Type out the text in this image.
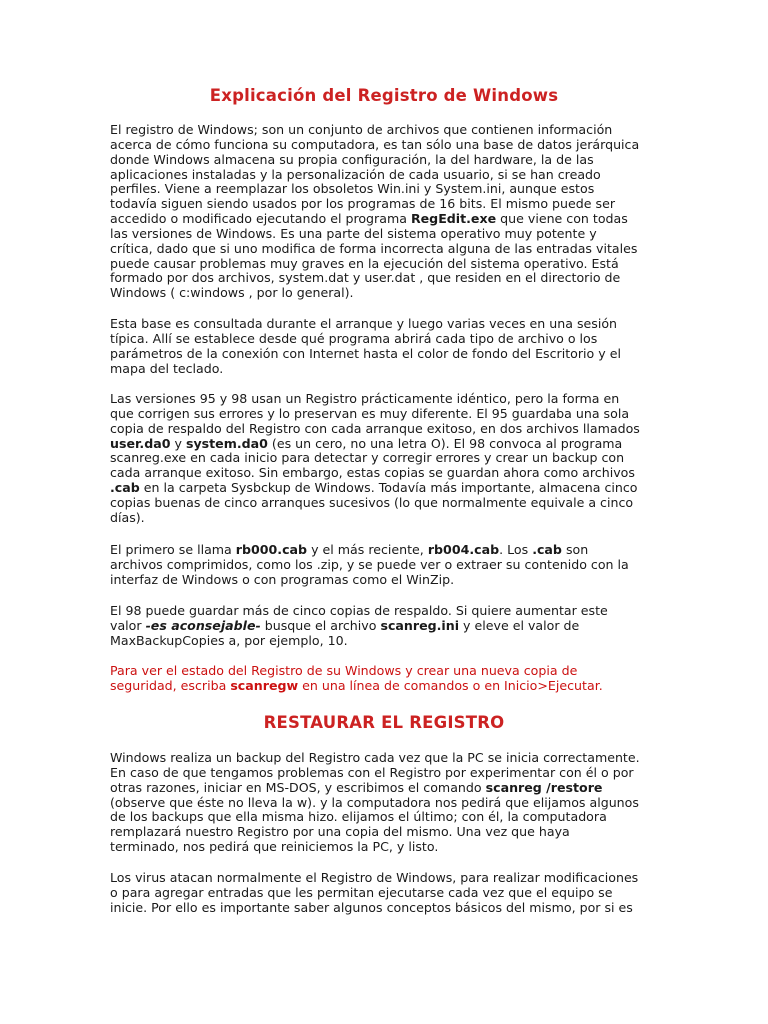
Explicación del Registro de Windows
El registro de Windows; son un conjunto de archivos que contienen información
acerca de cómo funciona su computadora, es tan sólo una base de datos jerárquica
donde Windows almacena su propia configuración, la del hardware, la de las
aplicaciones instaladas y la personalización de cada usuario, si se han creado
perfiles. Viene a reemplazar los obsoletos Win.ini y System.ini, aunque estos
todavía siguen siendo usados por los programas de 16 bits. El mismo puede ser
accedido o modificado ejecutando el programa RegEdit.exe que viene con todas
las versiones de Windows. Es una parte del sistema operativo muy potente y
crítica, dado que si uno modifica de forma incorrecta alguna de las entradas vitales
puede causar problemas muy graves en la ejecución del sistema operativo. Está
formado por dos archivos, system.dat y user.dat , que residen en el directorio de
Windows ( c:windows , por lo general).
Esta base es consultada durante el arranque y luego varias veces en una sesión
típica. Allí se establece desde qué programa abrirá cada tipo de archivo o los
parámetros de la conexión con Internet hasta el color de fondo del Escritorio y el
mapa del teclado.
Las versiones 95 y 98 usan un Registro prácticamente idéntico, pero la forma en
que corrigen sus errores y lo preservan es muy diferente. El 95 guardaba una sola
copia de respaldo del Registro con cada arranque exitoso, en dos archivos llamados
user.da0 y system.da0 (es un cero, no una letra O). El 98 convoca al programa
scanreg.exe en cada inicio para detectar y corregir errores y crear un backup con
cada arranque exitoso. Sin embargo, estas copias se guardan ahora como archivos
.cab en la carpeta Sysbckup de Windows. Todavía más importante, almacena cinco
copias buenas de cinco arranques sucesivos (lo que normalmente equivale a cinco
días).
El primero se llama rb000.cab y el más reciente, rb004.cab. Los .cab son
archivos comprimidos, como los .zip, y se puede ver o extraer su contenido con la
interfaz de Windows o con programas como el WinZip.
El 98 puede guardar más de cinco copias de respaldo. Si quiere aumentar este
valor -es aconsejable- busque el archivo scanreg.ini y eleve el valor de
MaxBackupCopies a, por ejemplo, 10.
Para ver el estado del Registro de su Windows y crear una nueva copia de
seguridad, escriba scanregw en una línea de comandos o en Inicio>Ejecutar.
RESTAURAR EL REGISTRO
Windows realiza un backup del Registro cada vez que la PC se inicia correctamente.
En caso de que tengamos problemas con el Registro por experimentar con él o por
otras razones, iniciar en MS-DOS, y escribimos el comando scanreg /restore
(observe que éste no lleva la w). y la computadora nos pedirá que elijamos algunos
de los backups que ella misma hizo. elijamos el último; con él, la computadora
remplazará nuestro Registro por una copia del mismo. Una vez que haya
terminado, nos pedirá que reiniciemos la PC, y listo.
Los virus atacan normalmente el Registro de Windows, para realizar modificaciones
o para agregar entradas que les permitan ejecutarse cada vez que el equipo se
inicie. Por ello es importante saber algunos conceptos básicos del mismo, por si es
